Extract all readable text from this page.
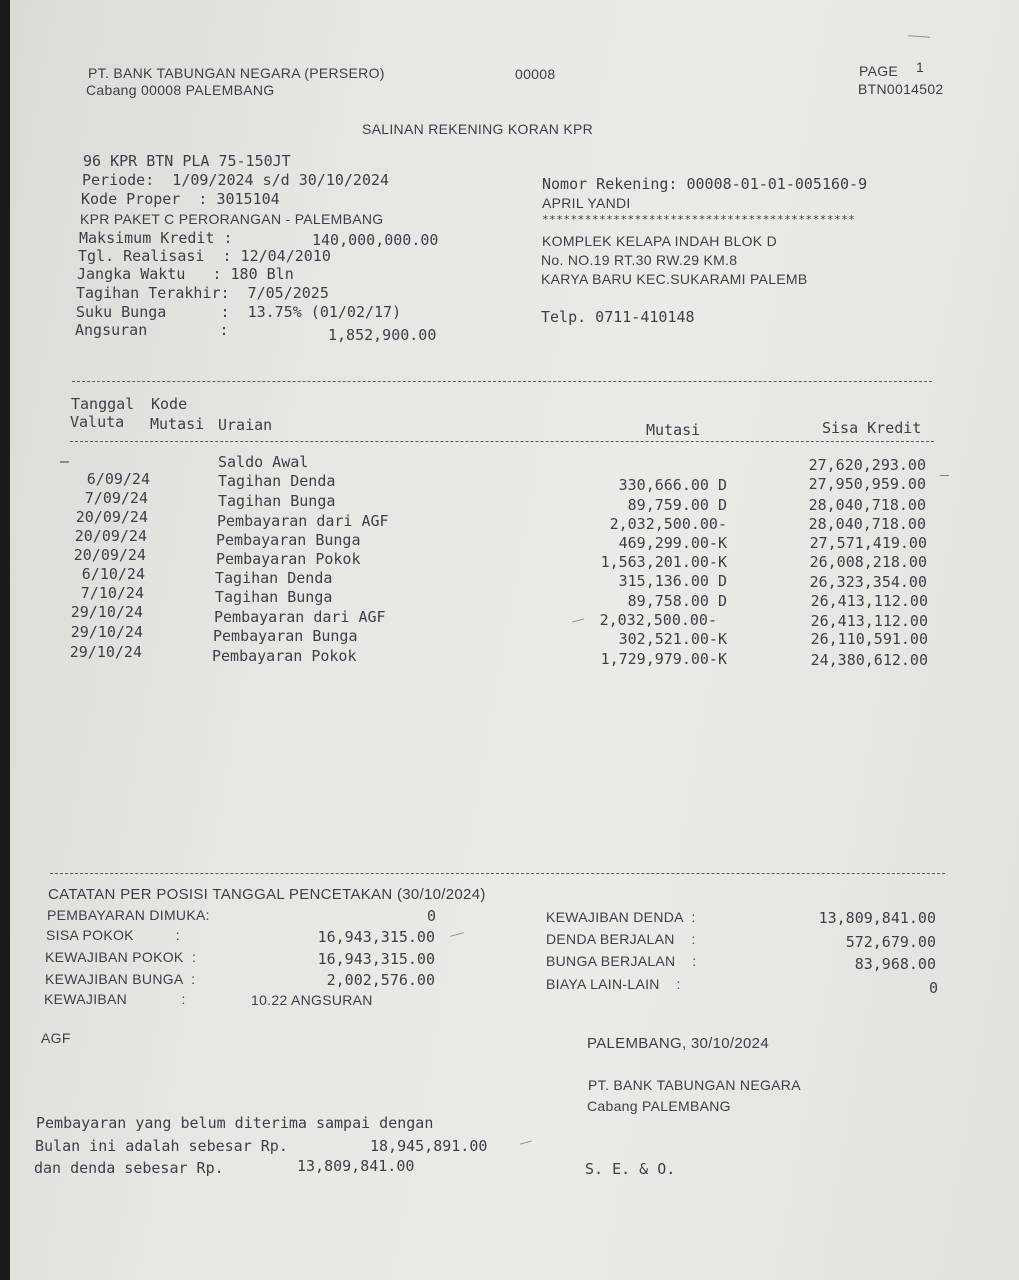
PT. BANK TABUNGAN NEGARA (PERSERO)
Cabang 00008 PALEMBANG
00008	PAGE 1
BTN0014502
SALINAN REKENING KORAN KPR
96 KPR BTN PLA 75-150JT
Periode:  1/09/2024 s/d 30/10/2024
Kode Proper  : 3015104
KPR PAKET C PERORANGAN - PALEMBANG
Maksimum Kredit :	140,000,000.00
Tgl. Realisasi  : 12/04/2010
Jangka Waktu   : 180 Bln
Tagihan Terakhir:  7/05/2025
Suku Bunga      :  13.75% (01/02/17)
Angsuran        :	1,852,900.00
Nomor Rekening: 00008-01-01-005160-9
APRIL YANDI
********************************************
KOMPLEK KELAPA INDAH BLOK D
No. NO.19 RT.30 RW.29 KM.8
KARYA BARU KEC.SUKARAMI PALEMB
Telp. 0711-410148
Tanggal Kode
Valuta Mutasi Uraian	Mutasi	Sisa Kredit
–	_
Saldo Awal	27,620,293.00
6/09/24	Tagihan Denda	330,666.00 D	27,950,959.00
7/09/24	Tagihan Bunga	89,759.00 D	28,040,718.00
20/09/24	Pembayaran dari AGF	2,032,500.00-	28,040,718.00
20/09/24	Pembayaran Bunga	469,299.00-K	27,571,419.00
20/09/24	Pembayaran Pokok	1,563,201.00-K	26,008,218.00
6/10/24	Tagihan Denda	315,136.00 D	26,323,354.00
7/10/24	Tagihan Bunga	89,758.00 D	26,413,112.00
29/10/24	Pembayaran dari AGF	2,032,500.00-	26,413,112.00
29/10/24	Pembayaran Bunga	302,521.00-K	26,110,591.00
29/10/24	Pembayaran Pokok	1,729,979.00-K	24,380,612.00
CATATAN PER POSISI TANGGAL PENCETAKAN (30/10/2024)
PEMBAYARAN DIMUKA:	0
SISA POKOK          :	16,943,315.00
KEWAJIBAN POKOK  :	16,943,315.00
KEWAJIBAN BUNGA  :	2,002,576.00
KEWAJIBAN             :	10.22 ANGSURAN
KEWAJIBAN DENDA  :	13,809,841.00
DENDA BERJALAN    :	572,679.00
BUNGA BERJALAN    :	83,968.00
BIAYA LAIN-LAIN    :	0
AGF	PALEMBANG, 30/10/2024
PT. BANK TABUNGAN NEGARA
Cabang PALEMBANG
Pembayaran yang belum diterima sampai dengan
Bulan ini adalah sebesar Rp.	18,945,891.00
dan denda sebesar Rp.	13,809,841.00	S. E. & O.
